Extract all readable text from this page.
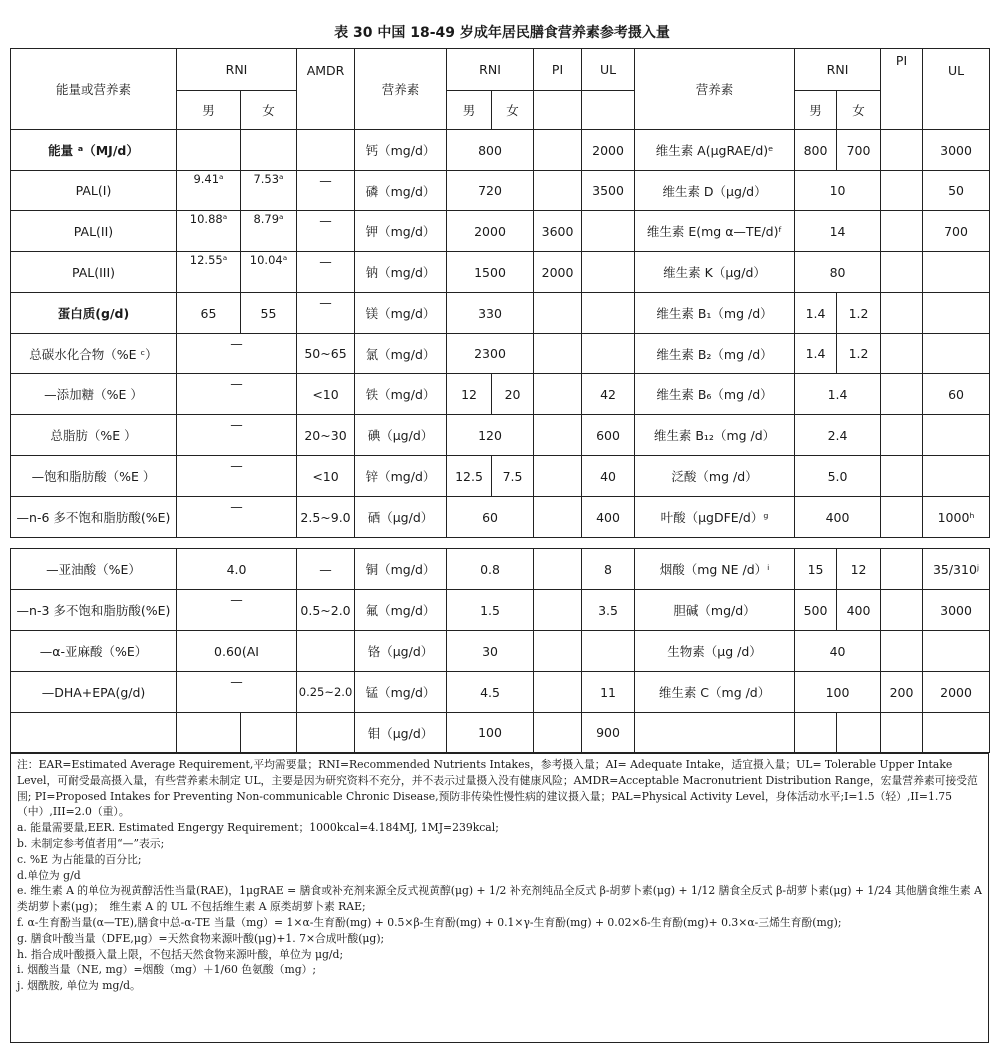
表 30 中国 18-49 岁成年居民膳食营养素参考摄入量
能量或营养素	RNI		AMDR	营养素	RNI		PI	UL	营养素	RNI		PI	UL
	男	女			男	女				男	女		
能量 ᵃ（MJ/d）				钙（mg/d）	800			2000	维生素 A(μgRAE/d)ᵉ	800	700		3000
PAL(I)	9.41ᵃ	7.53ᵃ	—	磷（mg/d）	720			3500	维生素 D（μg/d）	10			50
PAL(II)	10.88ᵃ	8.79ᵃ	—	钾（mg/d）	2000		3600		维生素 E(mg α—TE/d)ᶠ	14			700
PAL(III)	12.55ᵃ	10.04ᵃ	—	钠（mg/d）	1500		2000		维生素 K（μg/d）	80			
蛋白质(g/d)	65	55	—	镁（mg/d）	330				维生素 B₁（mg /d）	1.4	1.2		
总碳水化合物（%E ᶜ）	—		50~65	氯（mg/d）	2300				维生素 B₂（mg /d）	1.4	1.2		
—添加糖（%E ）	—		<10	铁（mg/d）	12	20		42	维生素 B₆（mg /d）	1.4			60
总脂肪（%E ）	—		20~30	碘（μg/d）	120			600	维生素 B₁₂（mg /d）	2.4			
—饱和脂肪酸（%E ）	—		<10	锌（mg/d）	12.5	7.5		40	泛酸（mg /d）	5.0			
—n-6 多不饱和脂肪酸(%E)	—		2.5~9.0	硒（μg/d）	60			400	叶酸（μgDFE/d）ᵍ	400			1000ʰ
—亚油酸（%E）	4.0		—	铜（mg/d）	0.8		8	烟酸（mg NE /d）ⁱ	15	12		35/310ʲ
—n-3 多不饱和脂肪酸(%E)	—		0.5~2.0	氟（mg/d）	1.5		3.5	胆碱（mg/d）	500	400		3000
—α-亚麻酸（%E）	0.60(AI			铬（μg/d）	30			生物素（μg /d）	40			
—DHA+EPA(g/d)	—		0.25~2.0	锰（mg/d）	4.5		11	维生素 C（mg /d）	100		200	2000
				钼（μg/d）	100		900					
注：EAR=Estimated Average Requirement,平均需要量；RNI=Recommended Nutrients Intakes，参考摄入量；AI= Adequate Intake，适宜摄入量；UL= Tolerable Upper Intake Level，可耐受最高摄入量，有些营养素未制定 UL，主要是因为研究资料不充分，并不表示过量摄入没有健康风险；AMDR=Acceptable Macronutrient Distribution Range，宏量营养素可接受范围; PI=Proposed Intakes for Preventing Non-communicable Chronic Disease,预防非传染性慢性病的建议摄入量；PAL=Physical Activity Level，身体活动水平;I=1.5（轻）,II=1.75（中）,III=2.0（重）。
a. 能量需要量,EER. Estimated Engergy Requirement；1000kcal=4.184MJ, 1MJ=239kcal;
b. 未制定参考值者用“—”表示;
c. %E 为占能量的百分比;
d.单位为 g/d
e. 维生素 A 的单位为视黄醇活性当量(RAE)，1μgRAE = 膳食或补充剂来源全反式视黄醇(μg) + 1/2 补充剂纯品全反式 β-胡萝卜素(μg) + 1/12 膳食全反式 β-胡萝卜素(μg) + 1/24 其他膳食维生素 A 类胡萝卜素(μg)；　维生素 A 的 UL 不包括维生素 A 原类胡萝卜素 RAE;
f. α-生育酚当量(α—TE),膳食中总-α-TE 当量（mg）= 1×α-生育酚(mg) + 0.5×β-生育酚(mg) + 0.1×γ-生育酚(mg) + 0.02×δ-生育酚(mg)+ 0.3×α-三烯生育酚(mg);
g. 膳食叶酸当量（DFE,μg）=天然食物来源叶酸(μg)+1. 7×合成叶酸(μg);
h. 指合成叶酸摄入量上限，不包括天然食物来源叶酸，单位为 μg/d;
i. 烟酸当量（NE, mg）=烟酸（mg）＋1/60 色氨酸（mg）;
j. 烟酰胺, 单位为 mg/d。
